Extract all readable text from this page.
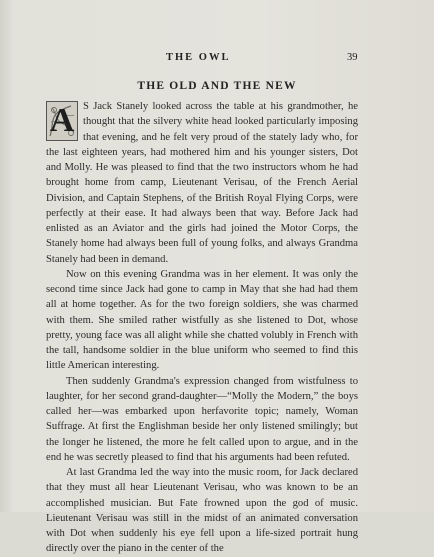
THE OWL	39
THE OLD AND THE NEW

A S Jack Stanely looked across the table at his grandmother, he thought that the silvery white head looked particularly imposing that evening, and he felt very proud of the stately lady who, for the last eighteen years, had mothered him and his younger sisters, Dot and Molly. He was pleased to find that the two instructors whom he had brought home from camp, Lieutenant Verisau, of the French Aerial Division, and Captain Stephens, of the British Royal Flying Corps, were perfectly at their ease. It had always been that way. Before Jack had enlisted as an Aviator and the girls had joined the Motor Corps, the Stanely home had always been full of young folks, and always Grandma Stanely had been in demand.

Now on this evening Grandma was in her element. It was only the second time since Jack had gone to camp in May that she had had them all at home together. As for the two foreign soldiers, she was charmed with them. She smiled rather wistfully as she listened to Dot, whose pretty, young face was all alight while she chatted volubly in French with the tall, handsome soldier in the blue uniform who seemed to find this little American interesting.

Then suddenly Grandma's expression changed from wistfulness to laughter, for her second grand-daughter—“Molly the Modern,” the boys called her—was embarked upon herfavorite topic; namely, Woman Suffrage. At first the Englishman beside her only listened smilingly; but the longer he listened, the more he felt called upon to argue, and in the end he was secretly pleased to find that his arguments had been refuted.

At last Grandma led the way into the music room, for Jack declared that they must all hear Lieutenant Verisau, who was known to be an accomplished musician. But Fate frowned upon the god of music. Lieutenant Verisau was still in the midst of an animated conversation with Dot when suddenly his eye fell upon a life-sized portrait hung directly over the piano in the center of the
